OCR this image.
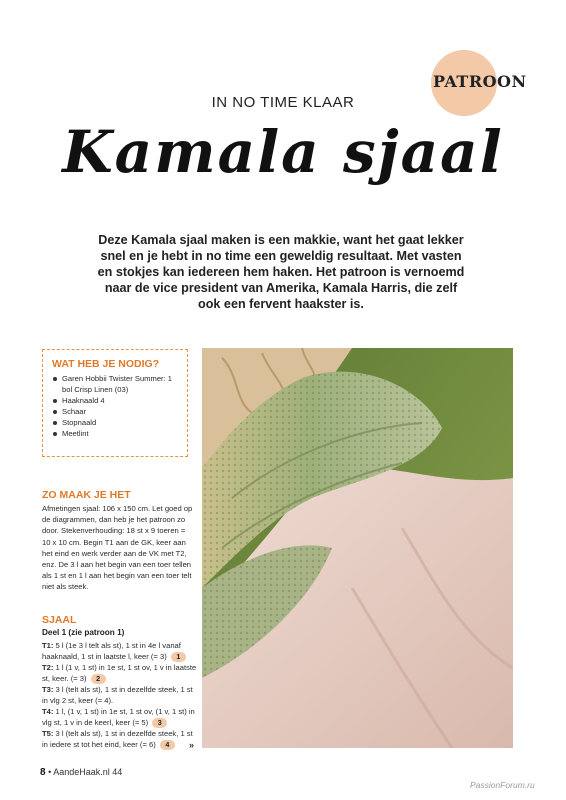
PATROON
IN NO TIME KLAAR
Kamala sjaal
Deze Kamala sjaal maken is een makkie, want het gaat lekker snel en je hebt in no time een geweldig resultaat. Met vasten en stokjes kan iedereen hem haken. Het patroon is vernoemd naar de vice president van Amerika, Kamala Harris, die zelf ook een fervent haakster is.
WAT HEB JE NODIG?
Garen Hobbii Twister Summer: 1 bol Crisp Linen (03)
Haaknaald 4
Schaar
Stopnaald
Meetlint
ZO MAAK JE HET
Afmetingen sjaal: 106 x 150 cm. Let goed op de diagrammen, dan heb je het patroon zo door. Stekenverhouding: 18 st x 9 toeren = 10 x 10 cm. Begin T1 aan de GK, keer aan het eind en werk verder aan de VK met T2, enz. De 3 l aan het begin van een toer tellen als 1 st en 1 l aan het begin van een toer telt niet als steek.
SJAAL
Deel 1 (zie patroon 1)
T1: 5 l (1e 3 l telt als st), 1 st in 4e l vanaf haaknaald, 1 st in laatste l, keer (= 3) 1
T2: 1 l (1 v, 1 st) in 1e st, 1 st ov, 1 v in laatste st, keer. (= 3) 2
T3: 3 l (telt als st), 1 st in dezelfde steek, 1 st in vlg 2 st, keer (= 4).
T4: 1 l, (1 v, 1 st) in 1e st, 1 st ov, (1 v, 1 st) in vlg st, 1 v in de keerl, keer (= 5) 3
T5: 3 l (telt als st), 1 st in dezelfde steek, 1 st in iedere st tot het eind, keer (= 6) 4	»
8 • AandeHaak.nl 44
PassionForum.ru
